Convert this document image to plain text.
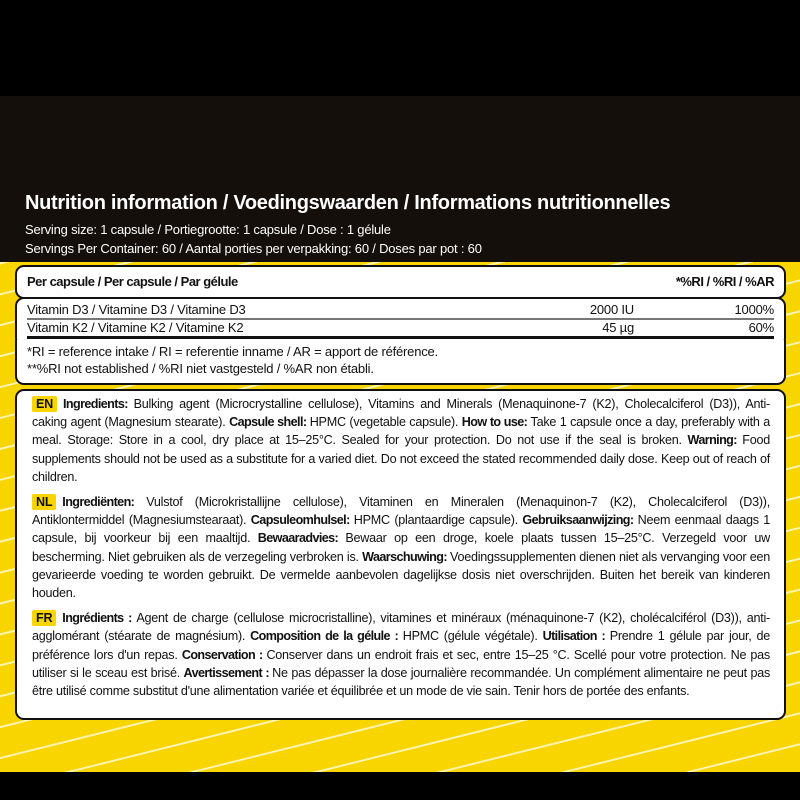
Nutrition information / Voedingswaarden / Informations nutritionnelles
Serving size: 1 capsule / Portiegrootte: 1 capsule / Dose : 1 gélule
Servings Per Container: 60 / Aantal porties per verpakking: 60 / Doses par pot : 60
Per capsule / Per capsule / Par gélule	*%RI / %RI / %AR
Vitamin D3 / Vitamine D3 / Vitamine D3	2000 IU	1000%
Vitamin K2 / Vitamine K2 / Vitamine K2	45 µg	60%
*RI = reference intake / RI = referentie inname / AR = apport de référence.
**%RI not established / %RI niet vastgesteld / %AR non établi.

EN Ingredients: Bulking agent (Microcrystalline cellulose), Vitamins and Minerals (Menaquinone-7 (K2), Cholecalciferol (D3)), Anti-caking agent (Magnesium stearate). Capsule shell: HPMC (vegetable capsule). How to use: Take 1 capsule once a day, preferably with a meal. Storage: Store in a cool, dry place at 15–25°C. Sealed for your protection. Do not use if the seal is broken. Warning: Food supplements should not be used as a substitute for a varied diet. Do not exceed the stated recommended daily dose. Keep out of reach of children.

NL Ingrediënten: Vulstof (Microkristallijne cellulose), Vitaminen en Mineralen (Menaquinon-7 (K2), Cholecalciferol (D3)), Antiklontermiddel (Magnesiumstearaat). Capsuleomhulsel: HPMC (plantaardige capsule). Gebruiksaanwijzing: Neem eenmaal daags 1 capsule, bij voorkeur bij een maaltijd. Bewaaradvies: Bewaar op een droge, koele plaats tussen 15–25°C. Verzegeld voor uw bescherming. Niet gebruiken als de verzegeling verbroken is. Waarschuwing: Voedingssupplementen dienen niet als vervanging voor een gevarieerde voeding te worden gebruikt. De vermelde aanbevolen dagelijkse dosis niet overschrijden. Buiten het bereik van kinderen houden.

FR Ingrédients : Agent de charge (cellulose microcristalline), vitamines et minéraux (ménaquinone-7 (K2), cholécalciférol (D3)), anti-agglomérant (stéarate de magnésium). Composition de la gélule : HPMC (gélule végétale). Utilisation : Prendre 1 gélule par jour, de préférence lors d'un repas. Conservation : Conserver dans un endroit frais et sec, entre 15–25 °C. Scellé pour votre protection. Ne pas utiliser si le sceau est brisé. Avertissement : Ne pas dépasser la dose journalière recommandée. Un complément alimentaire ne peut pas être utilisé comme substitut d'une alimentation variée et équilibrée et un mode de vie sain. Tenir hors de portée des enfants.
